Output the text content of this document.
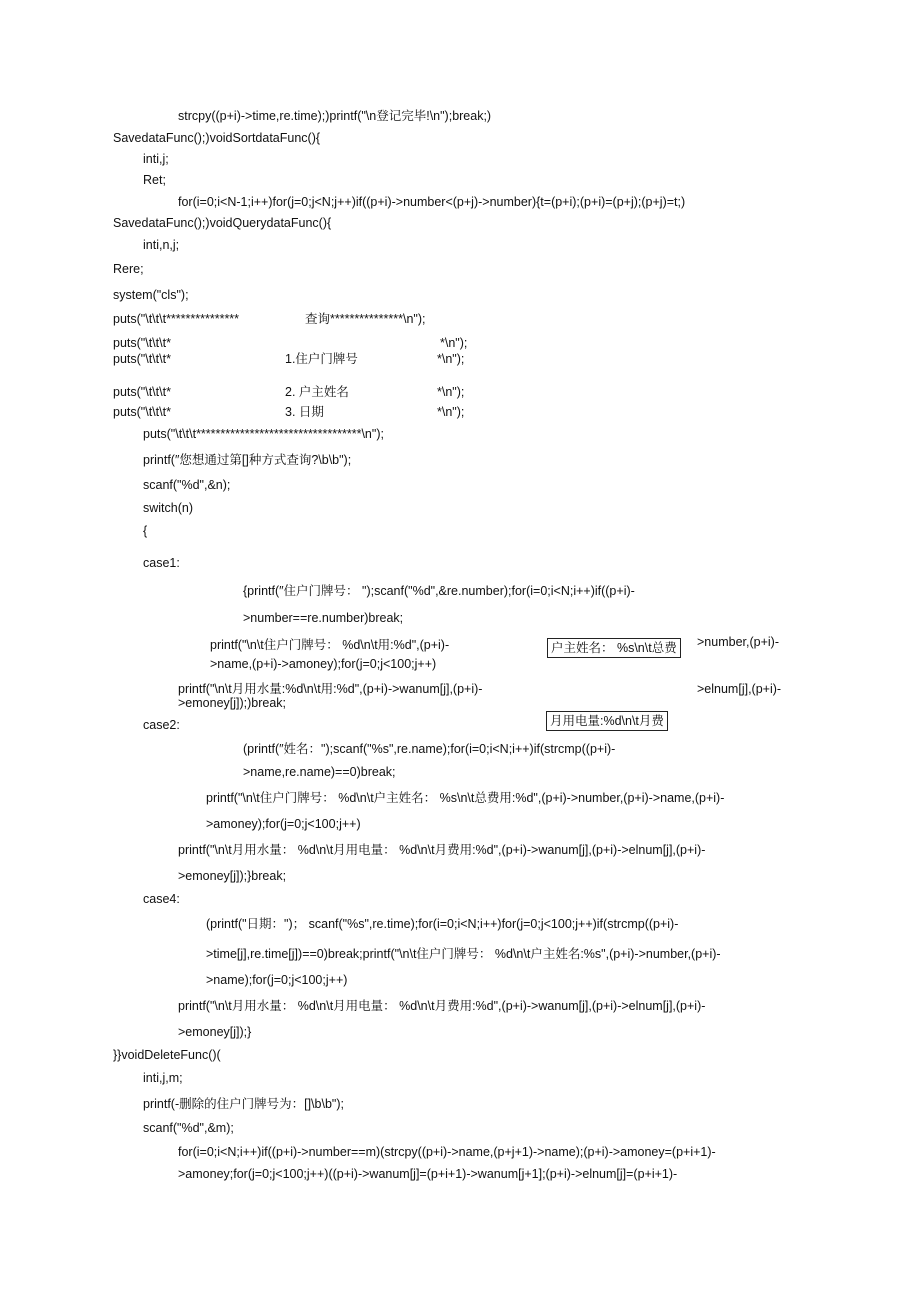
strcpy((p+i)->time,re.time);)printf("\n登记完毕!\n");break;)
SavedataFunc();)voidSortdataFunc(){
inti,j;
Ret;
for(i=0;i<N-1;i++)for(j=0;j<N;j++)if((p+i)->number<(p+j)->number){t=(p+i);(p+i)=(p+j);(p+j)=t;)
SavedataFunc();)voidQuerydataFunc(){
inti,n,j;
Rere;
system("cls");
puts("\t\t\t***************	查询***************\n");
puts("\t\t\t*	*\n");
puts("\t\t\t*	1.住户门牌号	*\n");
puts("\t\t\t*	2. 户主姓名	*\n");
puts("\t\t\t*	3. 日期	*\n");
puts("\t\t\t**********************************\n");
printf(″您想通过第[]种方式查询?\b\b");
scanf("%d",&n);
switch(n)
{
case1:
{printf(″住户门牌号： ");scanf("%d",&re.number);for(i=0;i<N;i++)if((p+i)-
>number==re.number)break;
printf("\n\t住户门牌号： %d\n\t用:%d",(p+i)-	户主姓名： %s\n\t总费	>number,(p+i)-
>name,(p+i)->amoney);for(j=0;j<100;j++)
printf("\n\t月用水量:%d\n\t用:%d",(p+i)->wanum[j],(p+i)-	>elnum[j],(p+i)-
>emoney[j]);)break;
case2:	月用电量:%d\n\t月费
(printf(″姓名：");scanf("%s",re.name);for(i=0;i<N;i++)if(strcmp((p+i)-
>name,re.name)==0)break;
printf("\n\t住户门牌号： %d\n\t户主姓名： %s\n\t总费用:%d",(p+i)->number,(p+i)->name,(p+i)-
>amoney);for(j=0;j<100;j++)
printf("\n\t月用水量： %d\n\t月用电量： %d\n\t月费用:%d",(p+i)->wanum[j],(p+i)->elnum[j],(p+i)-
>emoney[j]);}break;
case4:
(printf("日期：")； scanf("%s",re.time);for(i=0;i<N;i++)for(j=0;j<100;j++)if(strcmp((p+i)-
>time[j],re.time[j])==0)break;printf("\n\t住户门牌号： %d\n\t户主姓名:%s",(p+i)->number,(p+i)-
>name);for(j=0;j<100;j++)
printf("\n\t月用水量： %d\n\t月用电量： %d\n\t月费用:%d",(p+i)->wanum[j],(p+i)->elnum[j],(p+i)-
>emoney[j]);}
}}voidDeleteFunc()(
inti,j,m;
printf(-删除的住户门牌号为：[]\b\b");
scanf("%d",&m);
for(i=0;i<N;i++)if((p+i)->number==m)(strcpy((p+i)->name,(p+j+1)->name);(p+i)->amoney=(p+i+1)-
>amoney;for(j=0;j<100;j++)((p+i)->wanum[j]=(p+i+1)->wanum[j+1];(p+i)->elnum[j]=(p+i+1)-
